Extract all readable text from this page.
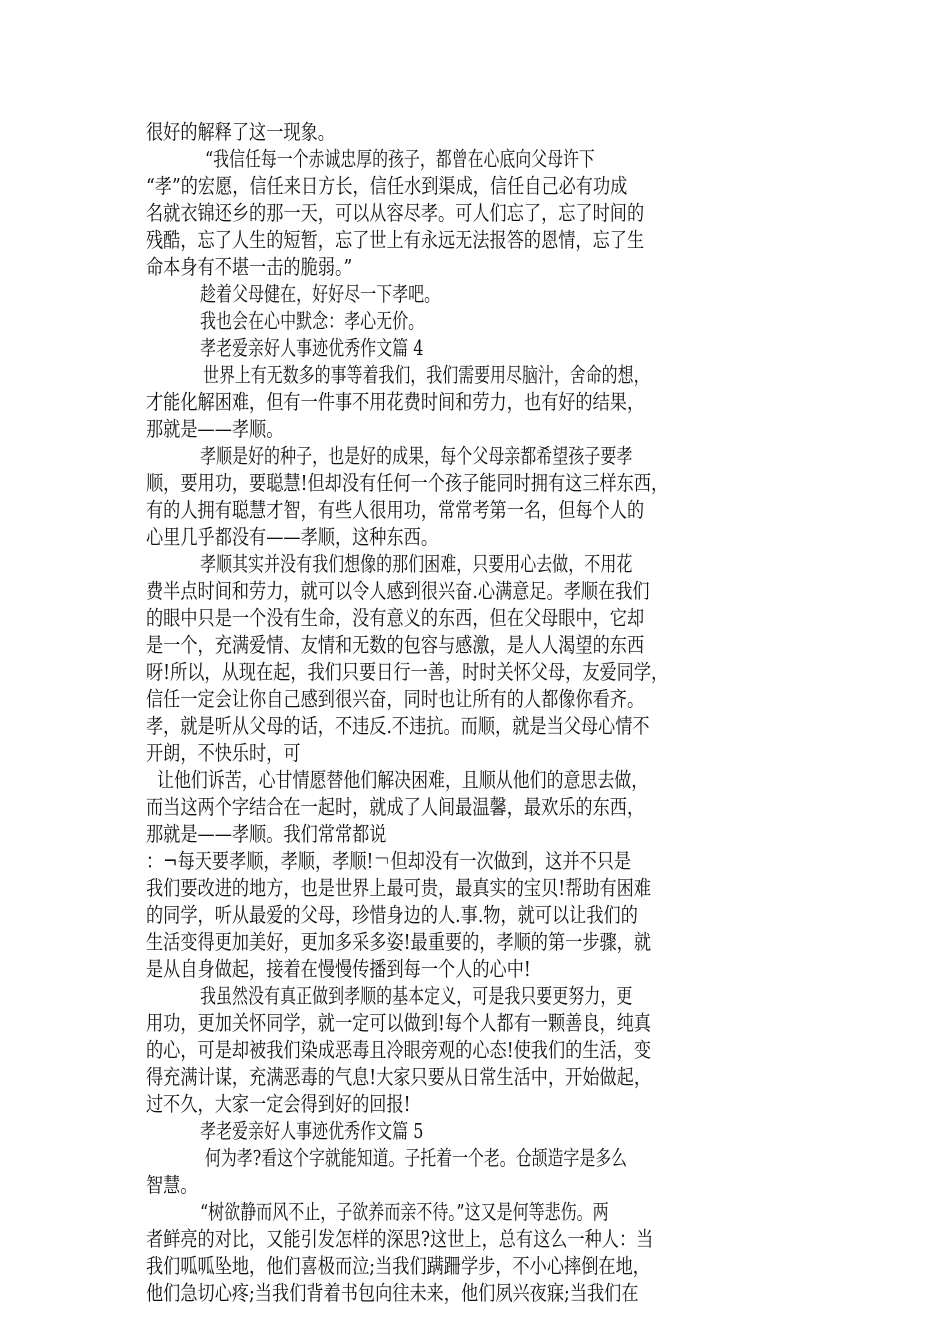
很好的解释了这一现象。
“我信任每一个赤诚忠厚的孩子，都曾在心底向父母许下
“孝”的宏愿，信任来日方长，信任水到渠成，信任自己必有功成
名就衣锦还乡的那一天，可以从容尽孝。可人们忘了，忘了时间的
残酷，忘了人生的短暂，忘了世上有永远无法报答的恩情，忘了生
命本身有不堪一击的脆弱。”
趁着父母健在，好好尽一下孝吧。
我也会在心中默念：孝心无价。
孝老爱亲好人事迹优秀作文篇 4
世界上有无数多的事等着我们，我们需要用尽脑汁，舍命的想，
才能化解困难，但有一件事不用花费时间和劳力，也有好的结果，
那就是——孝顺。
孝顺是好的种子，也是好的成果，每个父母亲都希望孩子要孝
顺，要用功，要聪慧!但却没有任何一个孩子能同时拥有这三样东西，
有的人拥有聪慧才智，有些人很用功，常常考第一名，但每个人的
心里几乎都没有——孝顺，这种东西。
孝顺其实并没有我们想像的那们困难，只要用心去做，不用花
费半点时间和劳力，就可以令人感到很兴奋.心满意足。孝顺在我们
的眼中只是一个没有生命，没有意义的东西，但在父母眼中，它却
是一个，充满爱情、友情和无数的包容与感激，是人人渴望的东西
呀!所以，从现在起，我们只要日行一善，时时关怀父母，友爱同学，
信任一定会让你自己感到很兴奋，同时也让所有的人都像你看齐。
孝，就是听从父母的话，不违反.不违抗。而顺，就是当父母心情不
开朗，不快乐时，可
让他们诉苦，心甘情愿替他们解决困难，且顺从他们的意思去做，
而当这两个字结合在一起时，就成了人间最温馨，最欢乐的东西，
那就是——孝顺。我们常常都说
：¬每天要孝顺，孝顺，孝顺!￢但却没有一次做到，这并不只是
我们要改进的地方，也是世界上最可贵，最真实的宝贝!帮助有困难
的同学，听从最爱的父母，珍惜身边的人.事.物，就可以让我们的
生活变得更加美好，更加多采多姿!最重要的，孝顺的第一步骤，就
是从自身做起，接着在慢慢传播到每一个人的心中!
我虽然没有真正做到孝顺的基本定义，可是我只要更努力，更
用功，更加关怀同学，就一定可以做到!每个人都有一颗善良，纯真
的心，可是却被我们染成恶毒且冷眼旁观的心态!使我们的生活，变
得充满计谋，充满恶毒的气息!大家只要从日常生活中，开始做起，
过不久，大家一定会得到好的回报!
孝老爱亲好人事迹优秀作文篇 5
何为孝?看这个字就能知道。子托着一个老。仓颉造字是多么
智慧。
“树欲静而风不止，子欲养而亲不待。”这又是何等悲伤。两
者鲜亮的对比，又能引发怎样的深思?这世上，总有这么一种人：当
我们呱呱坠地，他们喜极而泣;当我们蹒跚学步，不小心摔倒在地，
他们急切心疼;当我们背着书包向往未来，他们夙兴夜寐;当我们在
